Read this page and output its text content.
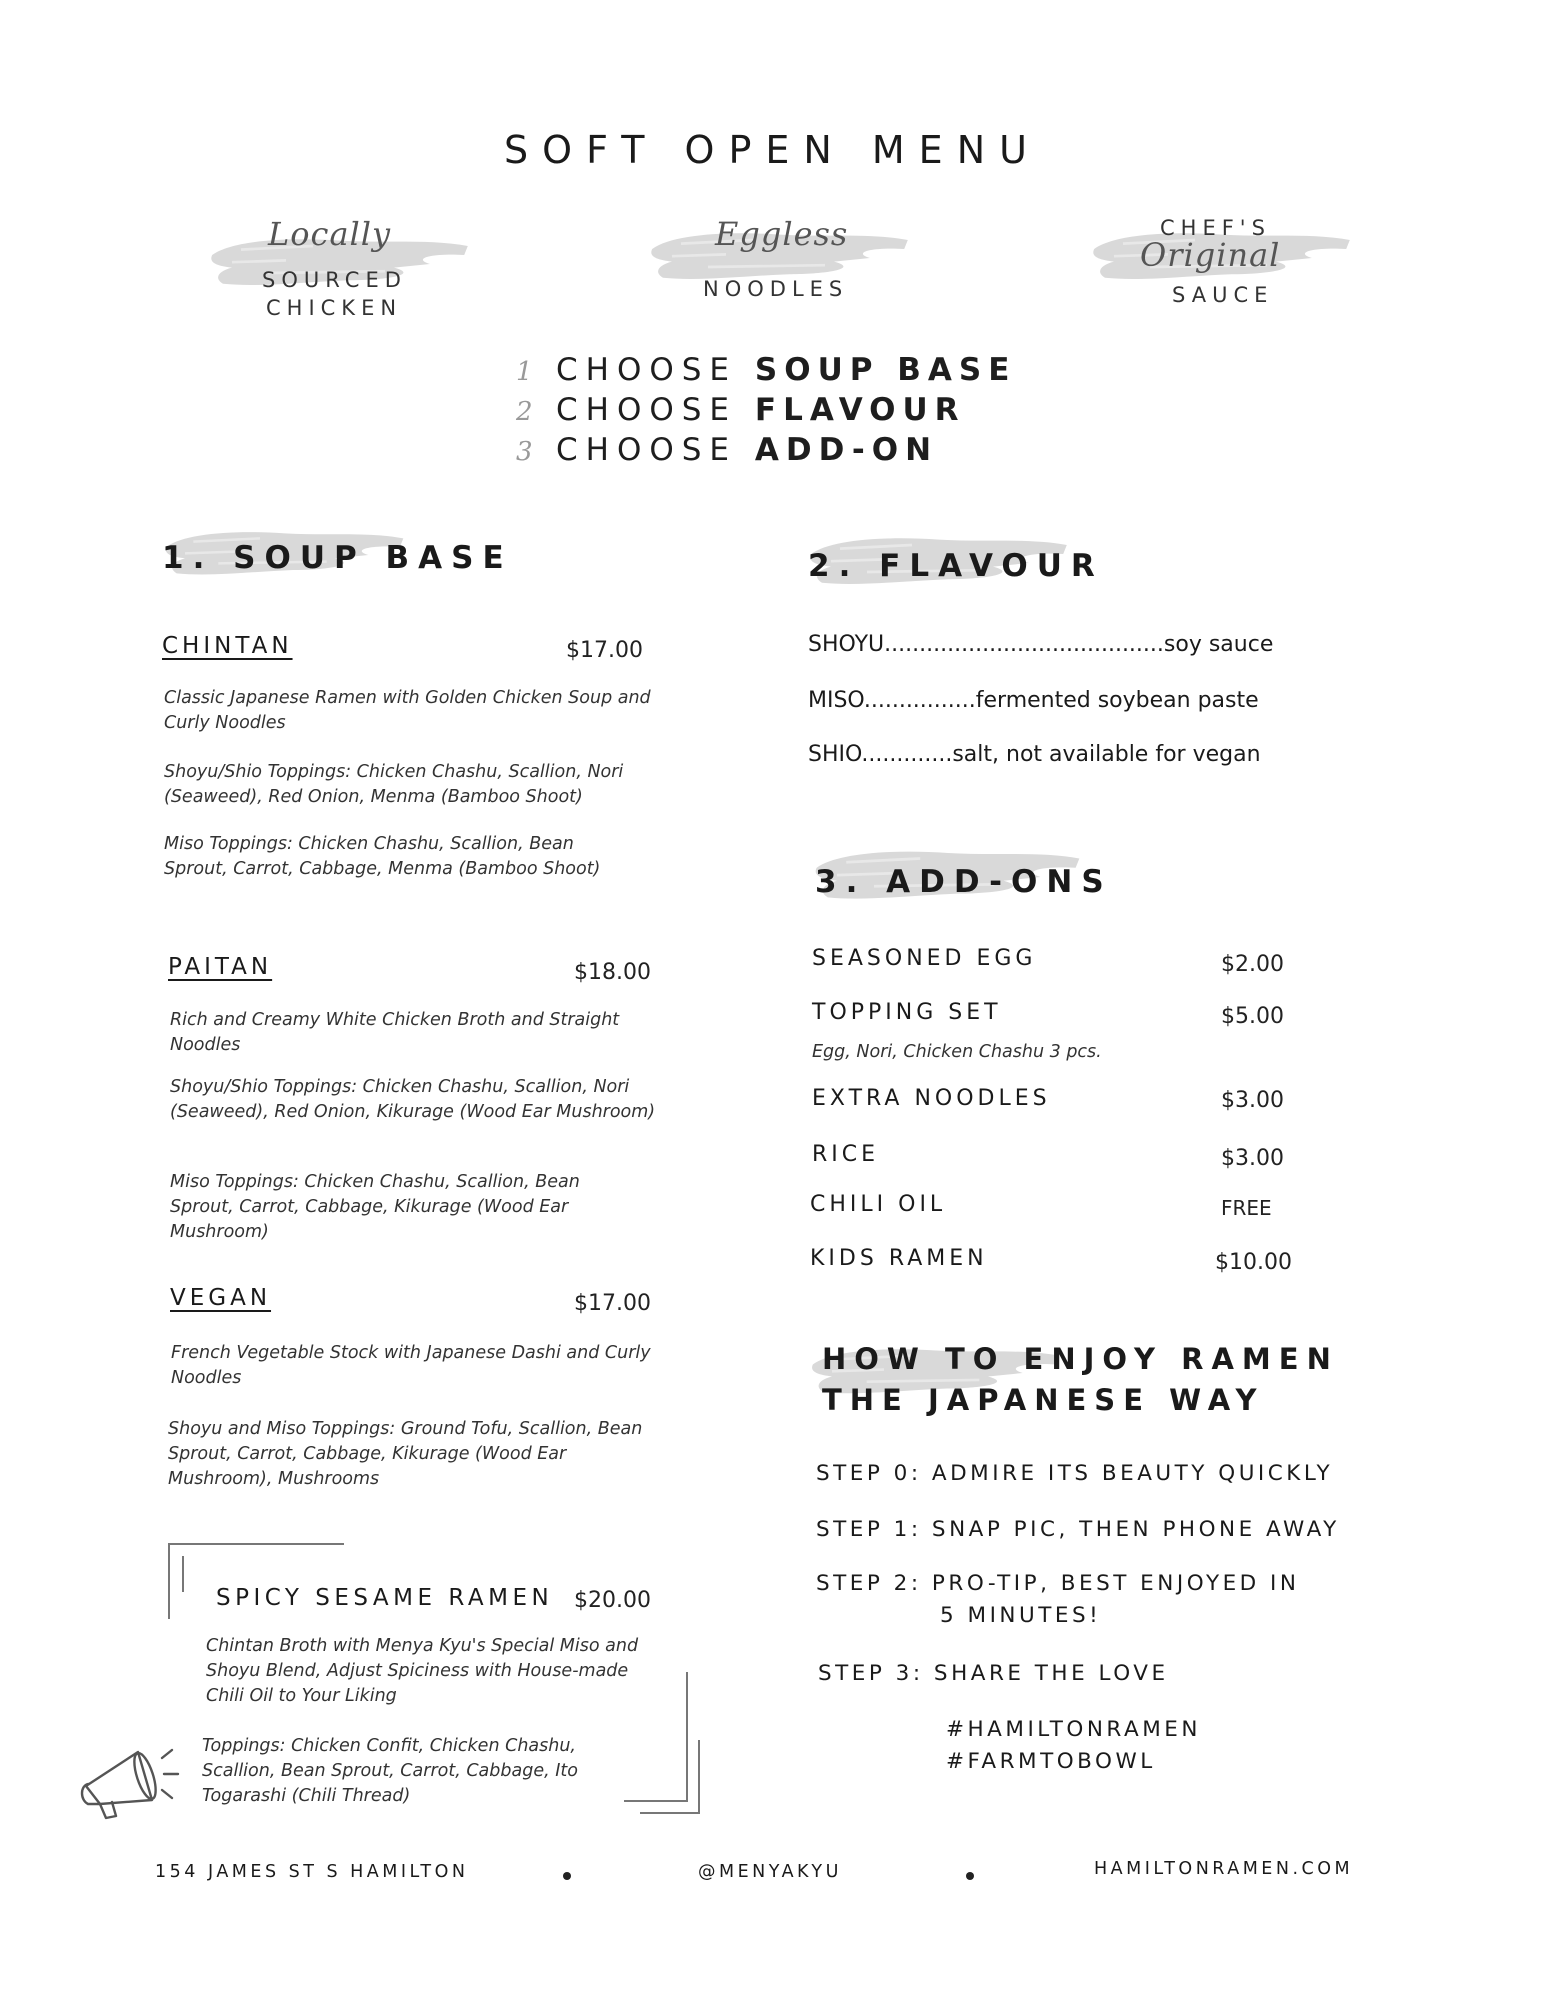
SOFT OPEN MENU
Locally
SOURCED
CHICKEN
Eggless
NOODLES
CHEF'S
Original
SAUCE
1 CHOOSE SOUP BASE
2 CHOOSE FLAVOUR
3 CHOOSE ADD-ON
1. SOUP BASE
CHINTAN	$17.00
Classic Japanese Ramen with Golden Chicken Soup and Curly Noodles
Shoyu/Shio Toppings: Chicken Chashu, Scallion, Nori (Seaweed), Red Onion, Menma (Bamboo Shoot)
Miso Toppings: Chicken Chashu, Scallion, Bean Sprout, Carrot, Cabbage, Menma (Bamboo Shoot)
PAITAN	$18.00
Rich and Creamy White Chicken Broth and Straight Noodles
Shoyu/Shio Toppings: Chicken Chashu, Scallion, Nori (Seaweed), Red Onion, Kikurage (Wood Ear Mushroom)
Miso Toppings: Chicken Chashu, Scallion, Bean Sprout, Carrot, Cabbage, Kikurage (Wood Ear Mushroom)
VEGAN	$17.00
French Vegetable Stock with Japanese Dashi and Curly Noodles
Shoyu and Miso Toppings: Ground Tofu, Scallion, Bean Sprout, Carrot, Cabbage, Kikurage (Wood Ear Mushroom), Mushrooms
SPICY SESAME RAMEN $20.00
Chintan Broth with Menya Kyu's Special Miso and Shoyu Blend, Adjust Spiciness with House-made Chili Oil to Your Liking
Toppings: Chicken Confit, Chicken Chashu, Scallion, Bean Sprout, Carrot, Cabbage, Ito Togarashi (Chili Thread)
2. FLAVOUR
SHOYU........................................soy sauce
MISO................fermented soybean paste
SHIO.............salt, not available for vegan
3. ADD-ONS
SEASONED EGG	$2.00
TOPPING SET	$5.00
Egg, Nori, Chicken Chashu 3 pcs.
EXTRA NOODLES	$3.00
RICE	$3.00
CHILI OIL	FREE
KIDS RAMEN	$10.00
HOW TO ENJOY RAMEN
THE JAPANESE WAY
STEP 0: ADMIRE ITS BEAUTY QUICKLY
STEP 1: SNAP PIC, THEN PHONE AWAY
STEP 2: PRO-TIP, BEST ENJOYED IN
5 MINUTES!
STEP 3: SHARE THE LOVE
#HAMILTONRAMEN
#FARMTOBOWL
154 JAMES ST S HAMILTON	@MENYAKYU	HAMILTONRAMEN.COM
